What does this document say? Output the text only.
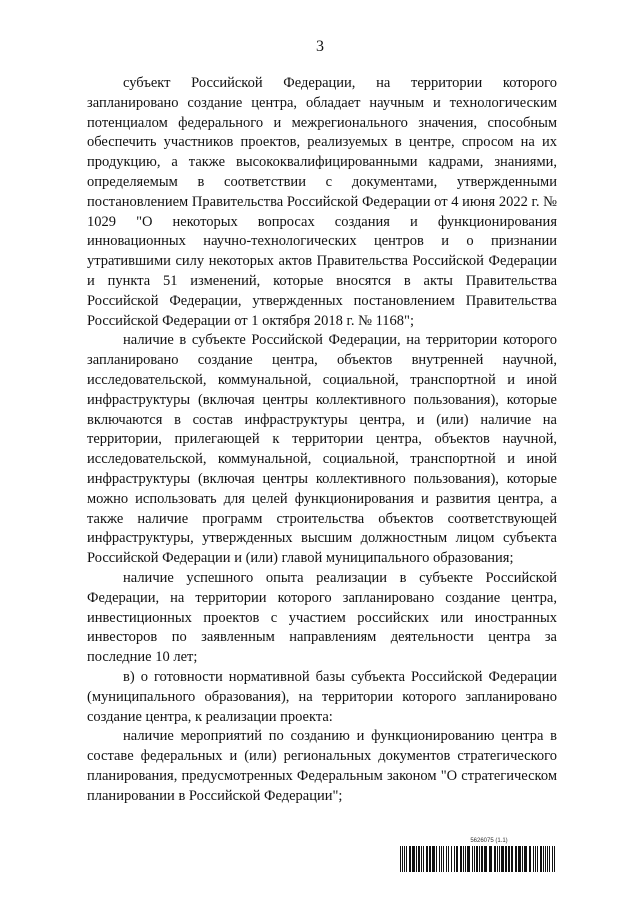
3

субъект Российской Федерации, на территории которого запланировано создание центра, обладает научным и технологическим потенциалом федерального и межрегионального значения, способным обеспечить участников проектов, реализуемых в центре, спросом на их продукцию, а также высококвалифицированными кадрами, знаниями, определяемым в соответствии с документами, утвержденными постановлением Правительства Российской Федерации от 4 июня 2022 г. № 1029 "О некоторых вопросах создания и функционирования инновационных научно-технологических центров и о признании утратившими силу некоторых актов Правительства Российской Федерации и пункта 51 изменений, которые вносятся в акты Правительства Российской Федерации, утвержденных постановлением Правительства Российской Федерации от 1 октября 2018 г. № 1168";

наличие в субъекте Российской Федерации, на территории которого запланировано создание центра, объектов внутренней научной, исследовательской, коммунальной, социальной, транспортной и иной инфраструктуры (включая центры коллективного пользования), которые включаются в состав инфраструктуры центра, и (или) наличие на территории, прилегающей к территории центра, объектов научной, исследовательской, коммунальной, социальной, транспортной и иной инфраструктуры (включая центры коллективного пользования), которые можно использовать для целей функционирования и развития центра, а также наличие программ строительства объектов соответствующей инфраструктуры, утвержденных высшим должностным лицом субъекта Российской Федерации и (или) главой муниципального образования;

наличие успешного опыта реализации в субъекте Российской Федерации, на территории которого запланировано создание центра, инвестиционных проектов с участием российских или иностранных инвесторов по заявленным направлениям деятельности центра за последние 10 лет;

в) о готовности нормативной базы субъекта Российской Федерации (муниципального образования), на территории которого запланировано создание центра, к реализации проекта:

наличие мероприятий по созданию и функционированию центра в составе федеральных и (или) региональных документов стратегического планирования, предусмотренных Федеральным законом "О стратегическом планировании в Российской Федерации";

5626075 (1.1)
